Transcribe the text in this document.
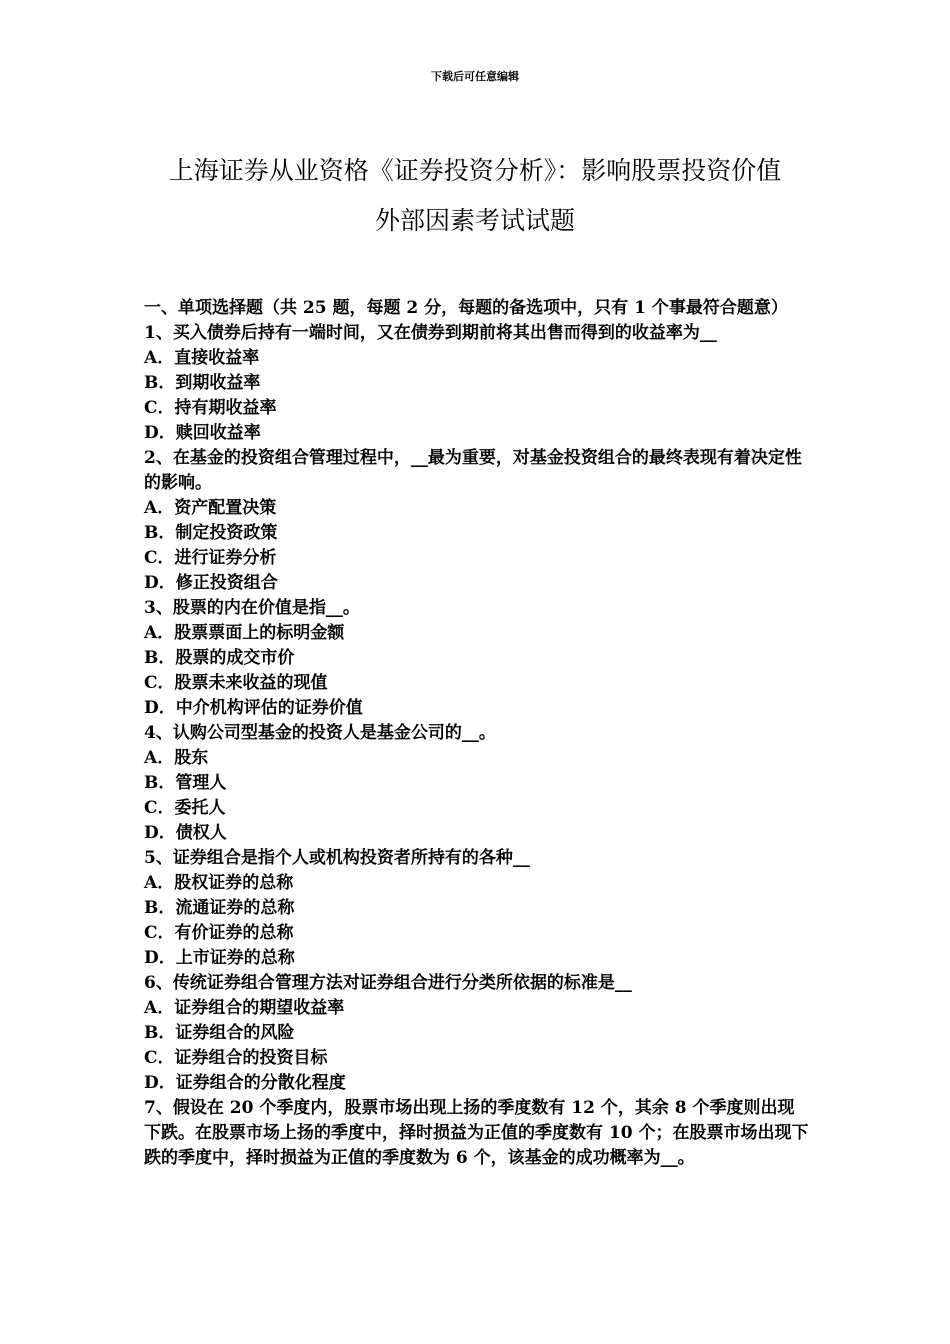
下载后可任意编辑
上海证券从业资格《证券投资分析》：影响股票投资价值
外部因素考试试题
一、单项选择题（共 25 题，每题 2 分，每题的备选项中，只有 1 个事最符合题意）
1、买入债券后持有一端时间，又在债券到期前将其出售而得到的收益率为__
A．直接收益率
B．到期收益率
C．持有期收益率
D．赎回收益率
2、在基金的投资组合管理过程中，__最为重要，对基金投资组合的最终表现有着决定性的影响。
A．资产配置决策
B．制定投资政策
C．进行证券分析
D．修正投资组合
3、股票的内在价值是指__。
A．股票票面上的标明金额
B．股票的成交市价
C．股票未来收益的现值
D．中介机构评估的证券价值
4、认购公司型基金的投资人是基金公司的__。
A．股东
B．管理人
C．委托人
D．债权人
5、证券组合是指个人或机构投资者所持有的各种__
A．股权证券的总称
B．流通证券的总称
C．有价证券的总称
D．上市证券的总称
6、传统证券组合管理方法对证券组合进行分类所依据的标准是__
A．证券组合的期望收益率
B．证券组合的风险
C．证券组合的投资目标
D．证券组合的分散化程度
7、假设在 20 个季度内，股票市场出现上扬的季度数有 12 个，其余 8 个季度则出现下跌。在股票市场上扬的季度中，择时损益为正值的季度数有 10 个；在股票市场出现下跌的季度中，择时损益为正值的季度数为 6 个，该基金的成功概率为__。
